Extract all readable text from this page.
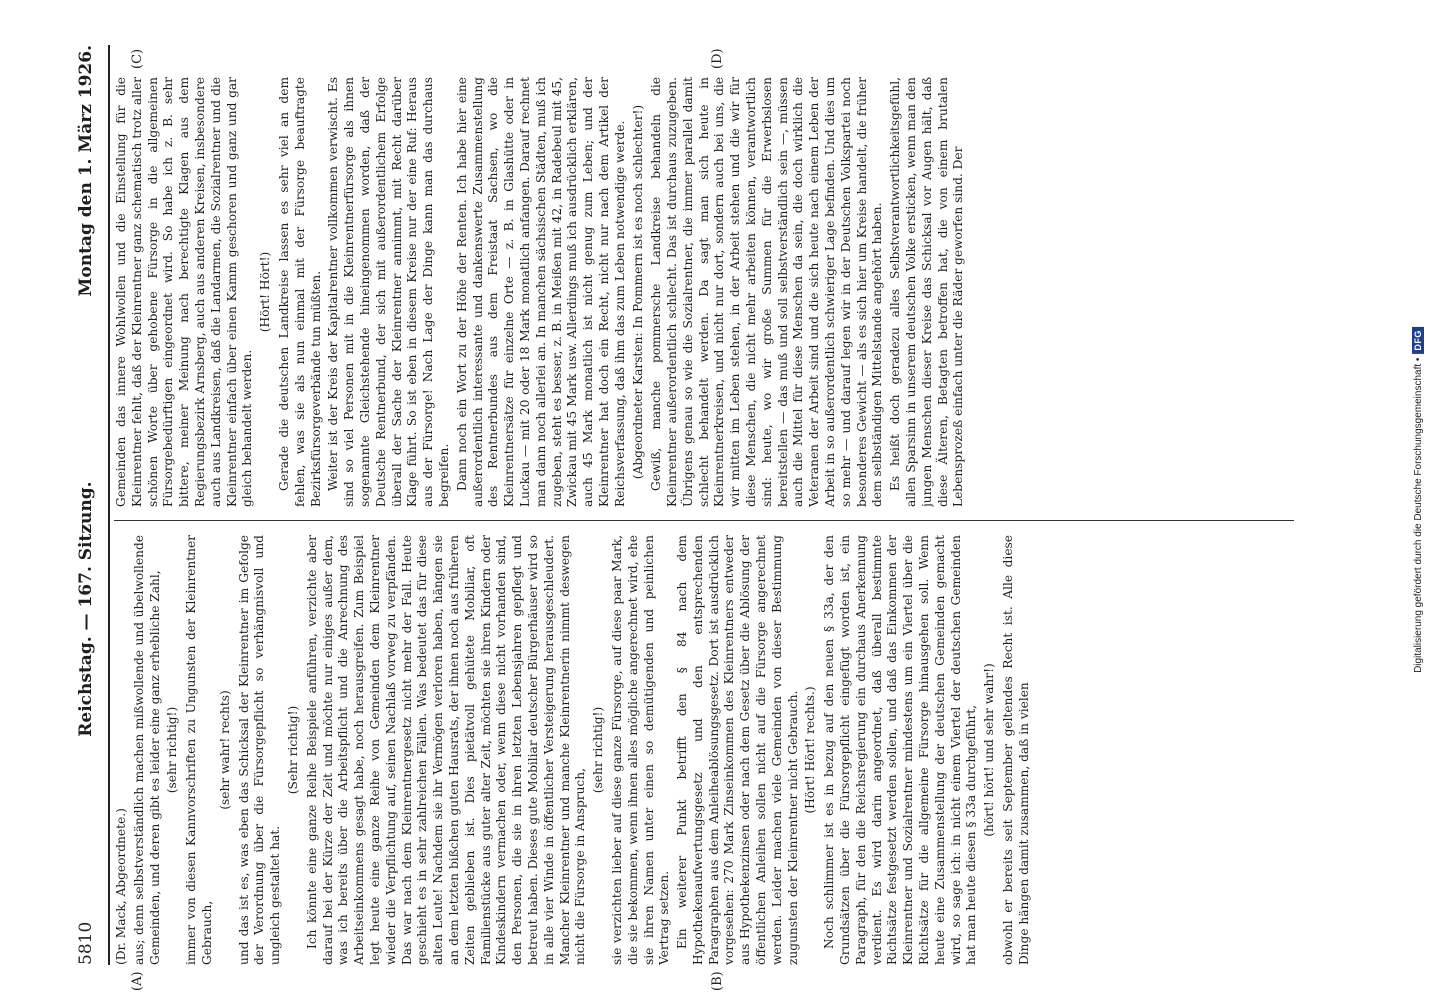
5810
Reichstag. — 167. Sitzung.
Montag den 1. März 1926.

(Dr. Mack, Abgeordnete.) aus; denn selbstverständlich machen mißwollende und übelwollende Gemeinden, und deren gibt es leider eine ganz erhebliche Zahl, (sehr richtig!) immer von diesen Kannvorschriften zu Ungunsten der Kleinrentner Gebrauch,

(sehr wahr! rechts) und das ist es, was eben das Schicksal der Kleinrentner im Gefolge der Verordnung über die Fürsorgepflicht so verhängnisvoll und ungleich gestaltet hat.

(Sehr richtig!) Ich könnte eine ganze Reihe Beispiele anführen, verzichte aber darauf bei der Kürze der Zeit und möchte nur einiges außer dem, was ich bereits über die Arbeitspflicht und die Anrechnung des Arbeitseinkommens gesagt habe, noch herausgreifen. Zum Beispiel legt heute eine ganze Reihe von Gemeinden dem Kleinrentner wieder die Verpflichtung auf, seinen Nachlaß vorweg zu verpfänden. Das war nach dem Kleinrentnergesetz nicht mehr der Fall. Heute geschieht es in sehr zahlreichen Fällen. Was bedeutet das für diese alten Leute! Nachdem sie ihr Vermögen verloren haben, hängen sie an dem letzten bißchen guten Hausrats, der ihnen noch aus früheren Zeiten geblieben ist. Dies pietätvoll gehütete Mobiliar, oft Familienstücke aus guter alter Zeit, möchten sie ihren Kindern oder Kindeskindern vermachen oder, wenn diese nicht vorhanden sind, den Personen, die sie in ihren letzten Lebensjahren gepflegt und betreut haben. Dieses gute Mobiliar deutscher Bürgerhäuser wird so in alle vier Winde in öffentlicher Versteigerung herausgeschleudert. Mancher Kleinrentner und manche Kleinrentnerin nimmt deswegen nicht die Fürsorge in Anspruch,

(sehr richtig!) sie verzichten lieber auf diese ganze Fürsorge, auf diese paar Mark, die sie bekommen, wenn ihnen alles mögliche angerechnet wird, ehe sie ihren Namen unter einen so demütigenden und peinlichen Vertrag setzen. Ein weiterer Punkt betrifft den § 84 nach dem Hypothekenaufwertungsgesetz und den entsprechenden Paragraphen aus dem Anleiheablösungsgesetz. Dort ist ausdrücklich vorgesehen: 270 Mark Zinseinkommen des Kleinrentners entweder aus Hypothekenzinsen oder nach dem Gesetz über die Ablösung der öffentlichen Anleihen sollen nicht auf die Fürsorge angerechnet werden. Leider machen viele Gemeinden von dieser Bestimmung zugunsten der Kleinrentner nicht Gebrauch. (Hört! Hört! rechts.) Noch schlimmer ist es in bezug auf den neuen § 33a, der den Grundsätzen über die Fürsorgepflicht eingefügt worden ist, ein Paragraph, für den die Reichsregierung ein durchaus Anerkennung verdient. Es wird darin angeordnet, daß überall bestimmte Richtsätze festgesetzt werden sollen, und daß das Einkommen der Kleinrentner und Sozialrentner mindestens um ein Viertel über die Richtsätze für die allgemeine Fürsorge hinausgehen soll. Wenn heute eine Zusammenstellung der deutschen Gemeinden gemacht wird, so sage ich: in nicht einem Viertel der deutschen Gemeinden hat man heute diesen § 33a durchgeführt, (hört! hört! und sehr wahr!) obwohl er bereits seit September geltendes Recht ist. Alle diese Dinge hängen damit zusammen, daß in vielen

Gemeinden das innere Wohlwollen und die Einstellung für die Kleinrentner fehlt, daß der Kleinrentner ganz schematisch trotz aller schönen Worte über gehobene Fürsorge in die allgemeinen Fürsorgebedürftigen eingeordnet wird. So habe ich z. B. sehr bittere, meiner Meinung nach berechtigte Klagen aus dem Regierungsbezirk Arnsberg, auch aus anderen Kreisen, insbesondere auch aus Landkreisen, daß die Landarmen, die Sozialrentner und die Kleinrentner einfach über einen Kamm geschoren und ganz und gar gleich behandelt werden.

(Hört! Hört!) Gerade die deutschen Landkreise lassen es sehr viel an dem fehlen, was sie als nun einmal mit der Fürsorge beauftragte Bezirksfürsorgeverbände tun müßten. Weiter ist der Kreis der Kapitalrentner vollkommen verwischt. Es sind so viel Personen mit in die Kleinrentnerfürsorge als ihnen sogenannte Gleichstehende hineingenommen worden, daß der Deutsche Rentnerbund, der sich mit außerordentlichem Erfolge überall der Sache der Kleinrentner annimmt, mit Recht darüber Klage führt. So ist eben in diesem Kreise nur der eine Ruf: Heraus aus der Fürsorge! Nach Lage der Dinge kann man das durchaus begreifen. Dann noch ein Wort zu der Höhe der Renten. Ich habe hier eine außerordentlich interessante und dankenswerte Zusammenstellung des Rentnerbundes aus dem Freistaat Sachsen, wo die Kleinrentnersätze für einzelne Orte — z. B. in Glashütte oder in Luckau — mit 20 oder 18 Mark monatlich anfangen. Darauf rechnet man dann noch allerlei an. In manchen sächsischen Städten, muß ich zugeben, steht es besser, z. B. in Meißen mit 42, in Radebeul mit 45, Zwickau mit 45 Mark usw. Allerdings muß ich ausdrücklich erklären, auch 45 Mark monatlich ist nicht genug zum Leben; und der Kleinrentner hat doch ein Recht, nicht nur nach dem Artikel der Reichsverfassung, daß ihm das zum Leben notwendige werde. (Abgeordneter Karsten: In Pommern ist es noch schlechter!) Gewiß, manche pommersche Landkreise behandeln die Kleinrentner außerordentlich schlecht. Das ist durchaus zuzugeben. Übrigens genau so wie die Sozialrentner, die immer parallel damit schlecht behandelt werden. Da sagt man sich heute in Kleinrentnerkreisen, und nicht nur dort, sondern auch bei uns, die wir mitten im Leben stehen, in der Arbeit stehen und die wir für diese Menschen, die nicht mehr arbeiten können, verantwortlich sind: heute, wo wir große Summen für die Erwerbslosen bereitstellen — das muß und soll selbstverständlich sein —, müssen auch die Mittel für diese Menschen da sein, die doch wirklich die Veteranen der Arbeit sind und die sich heute nach einem Leben der Arbeit in so außerordentlich schwieriger Lage befinden. Und dies um so mehr — und darauf legen wir in der Deutschen Volkspartei noch besonderes Gewicht — als es sich hier um Kreise handelt, die früher dem selbständigen Mittelstande angehört haben. Es heißt doch geradezu alles Selbstverantwortlichkeitsgefühl, allen Sparsinn in unserem deutschen Volke ersticken, wenn man den jungen Menschen dieser Kreise das Schicksal vor Augen hält, daß diese Älteren, Betagten betroffen hat, die von einem brutalen Lebensprozeß einfach unter die Räder geworfen sind. Der

(A)	(B)
(C)	(D)
Digitalisierung gefördert durch die Deutsche Forschungsgemeinschaft •
DFG
